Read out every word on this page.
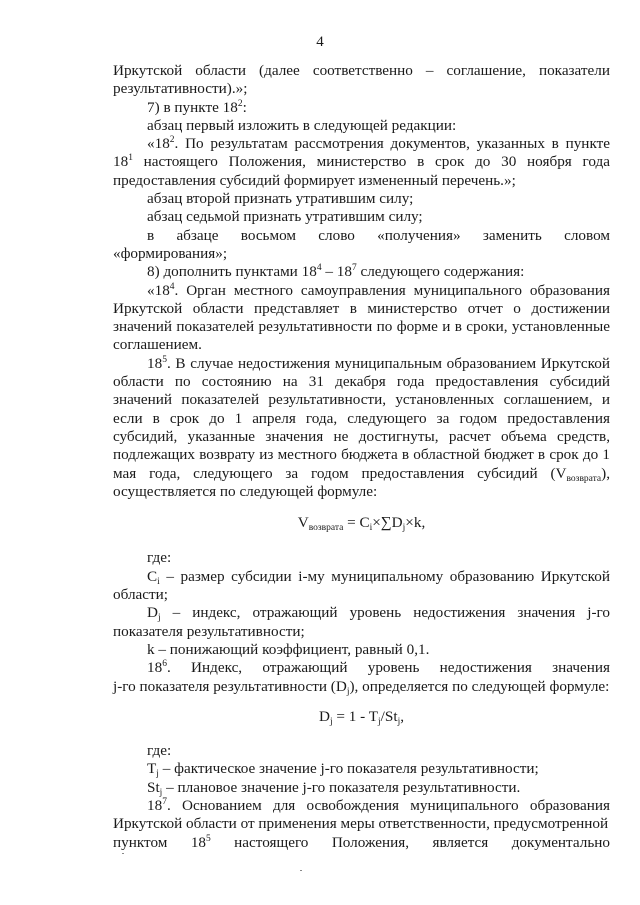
4

Иркутской области (далее соответственно – соглашение, показатели результативности).»;

7) в пункте $18^2$:

абзац первый изложить в следующей редакции:

«$18^2$. По результатам рассмотрения документов, указанных в пункте $18^1$ настоящего Положения, министерство в срок до 30 ноября года предоставления субсидий формирует измененный перечень.»;

абзац второй признать утратившим силу;

абзац седьмой признать утратившим силу;

в абзаце восьмом слово «получения» заменить словом

«формирования»;

8) дополнить пунктами $18^4 - 18^7$ следующего содержания:

«$18^4$. Орган местного самоуправления муниципального образования Иркутской области представляет в министерство отчет о достижении значений показателей результативности по форме и в сроки, установленные соглашением.

$18^5$. В случае недостижения муниципальным образованием Иркутской области по состоянию на 31 декабря года предоставления субсидий значений показателей результативности, установленных соглашением, и если в срок до 1 апреля года, следующего за годом предоставления субсидий, указанные значения не достигнуты, расчет объема средств, подлежащих возврату из местного бюджета в областной бюджет в срок до 1 мая года, следующего за годом предоставления субсидий $(V_{возврата})$, осуществляется по следующей формуле:

$V_{возврата} = C_i\times\sum D_j\times k$,

где:

$C_i$ – размер субсидии i-му муниципальному образованию Иркутской области;

$D_j$ – индекс, отражающий уровень недостижения значения j-го показателя результативности;

k – понижающий коэффициент, равный 0,1.

$18^6$. Индекс, отражающий уровень недостижения значения

j-го показателя результативности $(D_j)$, определяется по следующей формуле:

$D_j = 1 - T_j/St_j$,

где:

$T_j$ – фактическое значение j-го показателя результативности;

$St_j$ – плановое значение j-го показателя результативности.

$18^7$. Основанием для освобождения муниципального образования Иркутской области от применения меры ответственности, предусмотренной

пунктом $18^5$ настоящего Положения, является документально
